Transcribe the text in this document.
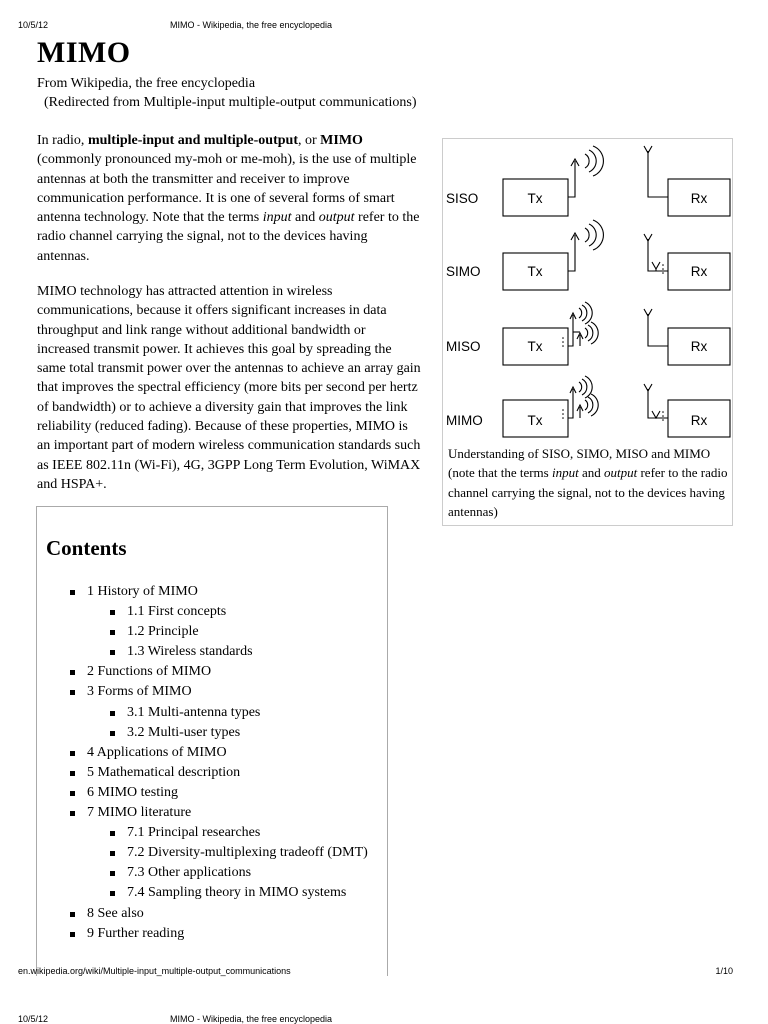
10/5/12	MIMO - Wikipedia, the free encyclopedia
MIMO
From Wikipedia, the free encyclopedia
(Redirected from Multiple-input multiple-output communications)

In radio, multiple-input and multiple-output, or MIMO (commonly pronounced my-moh or me-moh), is the use of multiple antennas at both the transmitter and receiver to improve communication performance. It is one of several forms of smart antenna technology. Note that the terms input and output refer to the radio channel carrying the signal, not to the devices having antennas.

MIMO technology has attracted attention in wireless communications, because it offers significant increases in data throughput and link range without additional bandwidth or increased transmit power. It achieves this goal by spreading the same total transmit power over the antennas to achieve an array gain that improves the spectral efficiency (more bits per second per hertz of bandwidth) or to achieve a diversity gain that improves the link reliability (reduced fading). Because of these properties, MIMO is an important part of modern wireless communication standards such as IEEE 802.11n (Wi-Fi), 4G, 3GPP Long Term Evolution, WiMAX and HSPA+.

Contents
1 History of MIMO
1.1 First concepts
1.2 Principle
1.3 Wireless standards
2 Functions of MIMO
3 Forms of MIMO
3.1 Multi-antenna types
3.2 Multi-user types
4 Applications of MIMO
5 Mathematical description
6 MIMO testing
7 MIMO literature
7.1 Principal researches
7.2 Diversity-multiplexing tradeoff (DMT)
7.3 Other applications
7.4 Sampling theory in MIMO systems
8 See also
9 Further reading
SISO
SIMO
MISO
MIMO
Tx
Tx
Tx
Tx
Rx
Rx
Rx
Rx
Understanding of SISO, SIMO, MISO and MIMO (note that the terms input and output refer to the radio channel carrying the signal, not to the devices having antennas)
en.wikipedia.org/wiki/Multiple-input_multiple-output_communications	1/10
10/5/12	MIMO - Wikipedia, the free encyclopedia
